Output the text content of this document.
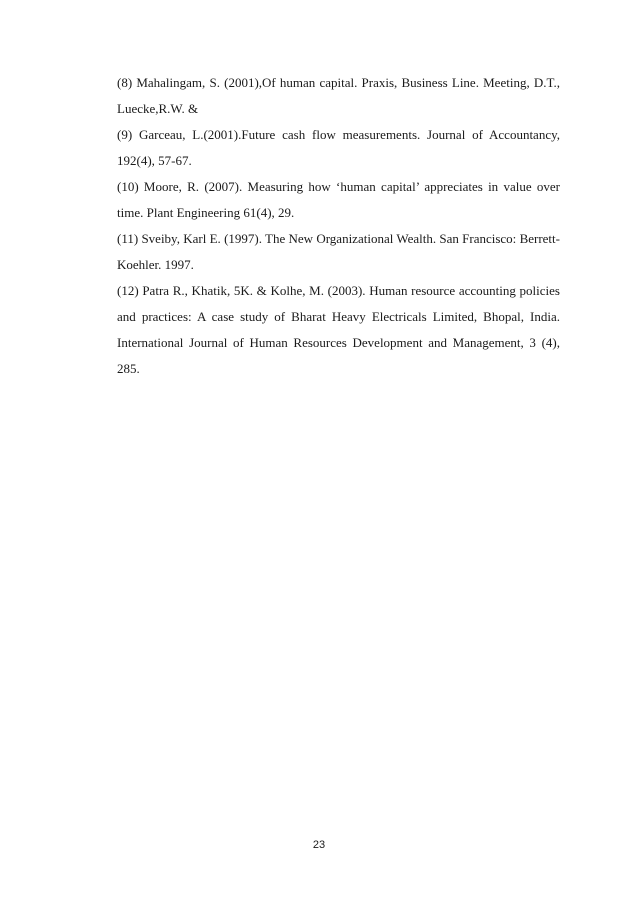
(8) Mahalingam, S. (2001),Of human capital. Praxis, Business Line. Meeting, D.T., Luecke,R.W. &

(9) Garceau, L.(2001).Future cash flow measurements. Journal of Accountancy, 192(4), 57-67.

(10) Moore, R. (2007). Measuring how ‘human capital’ appreciates in value over time. Plant Engineering 61(4), 29.

(11) Sveiby, Karl E. (1997). The New Organizational Wealth. San Francisco: Berrett-Koehler. 1997.

(12) Patra R., Khatik, 5K. & Kolhe, M. (2003). Human resource accounting policies and practices: A case study of Bharat Heavy Electricals Limited, Bhopal, India. International Journal of Human Resources Development and Management, 3 (4), 285.

23
